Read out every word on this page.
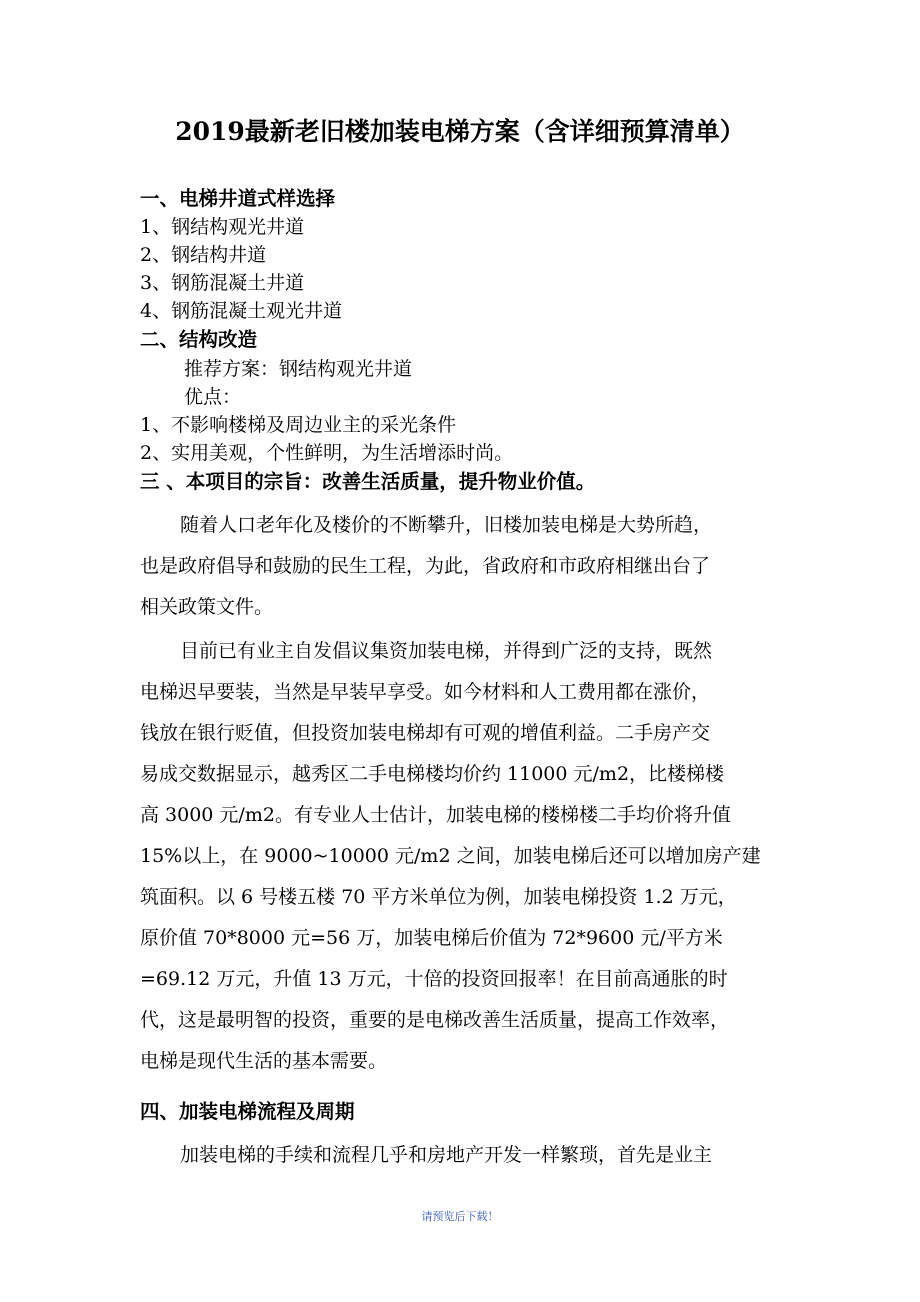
2019最新老旧楼加装电梯方案（含详细预算清单）
一、电梯井道式样选择
1、钢结构观光井道
2、钢结构井道
3、钢筋混凝土井道
4、钢筋混凝土观光井道
二、结构改造
推荐方案：钢结构观光井道
优点：
1、不影响楼梯及周边业主的采光条件
2、实用美观，个性鲜明，为生活增添时尚。
三 、本项目的宗旨：改善生活质量，提升物业价值。
随着人口老年化及楼价的不断攀升，旧楼加装电梯是大势所趋，
也是政府倡导和鼓励的民生工程，为此，省政府和市政府相继出台了
相关政策文件。
目前已有业主自发倡议集资加装电梯，并得到广泛的支持，既然
电梯迟早要装，当然是早装早享受。如今材料和人工费用都在涨价，
钱放在银行贬值，但投资加装电梯却有可观的增值利益。二手房产交
易成交数据显示，越秀区二手电梯楼均价约 11000 元/m2，比楼梯楼
高 3000 元/m2。有专业人士估计，加装电梯的楼梯楼二手均价将升值
15%以上，在 9000~10000 元/m2 之间，加装电梯后还可以增加房产建
筑面积。以 6 号楼五楼 70 平方米单位为例，加装电梯投资 1.2 万元，
原价值 70*8000 元=56 万，加装电梯后价值为 72*9600 元/平方米
=69.12 万元，升值 13 万元，十倍的投资回报率！在目前高通胀的时
代，这是最明智的投资，重要的是电梯改善生活质量，提高工作效率，
电梯是现代生活的基本需要。
四、加装电梯流程及周期
加装电梯的手续和流程几乎和房地产开发一样繁琐，首先是业主
请预览后下载！
